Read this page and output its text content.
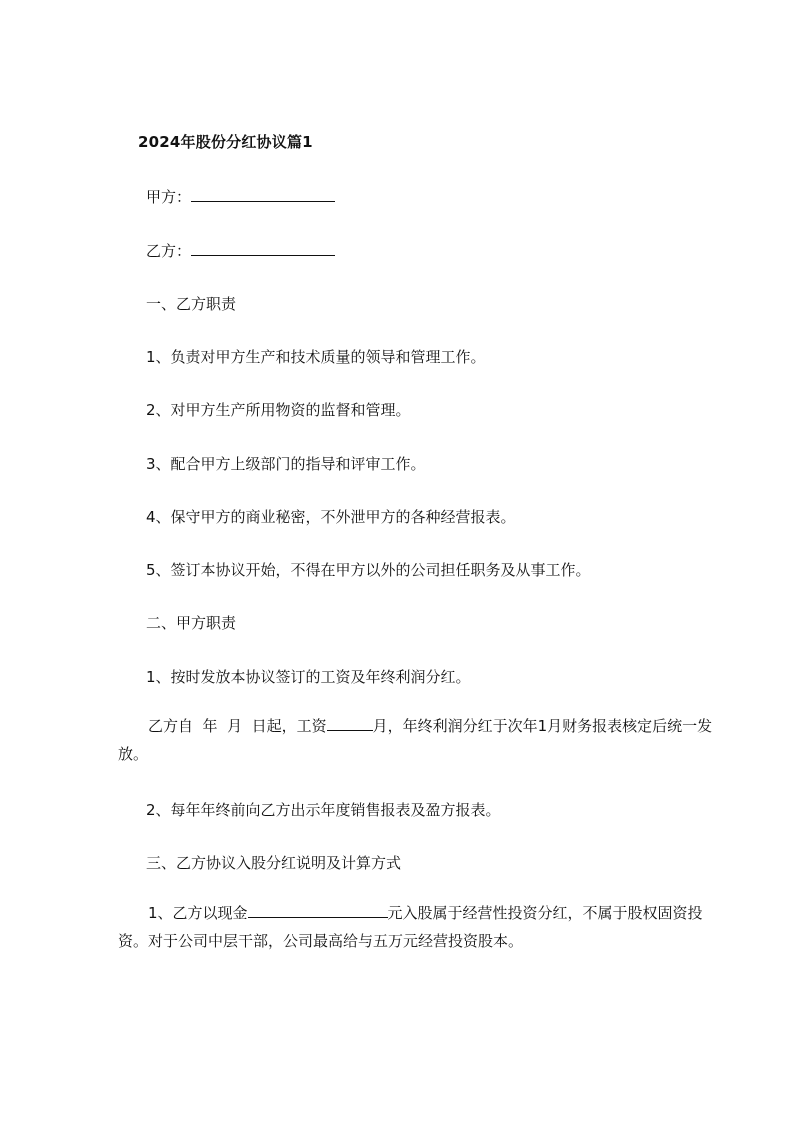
2024年股份分红协议篇1
甲方：
乙方：
一、乙方职责
1、负责对甲方生产和技术质量的领导和管理工作。
2、对甲方生产所用物资的监督和管理。
3、配合甲方上级部门的指导和评审工作。
4、保守甲方的商业秘密，不外泄甲方的各种经营报表。
5、签订本协议开始，不得在甲方以外的公司担任职务及从事工作。
二、甲方职责
1、按时发放本协议签订的工资及年终利润分红。
乙方自  年  月  日起，工资	月，年终利润分红于次年1月财务报表核定后统一发放。
2、每年年终前向乙方出示年度销售报表及盈方报表。
三、乙方协议入股分红说明及计算方式
1、乙方以现金	元入股属于经营性投资分红，不属于股权固资投资。对于公司中层干部，公司最高给与五万元经营投资股本。
